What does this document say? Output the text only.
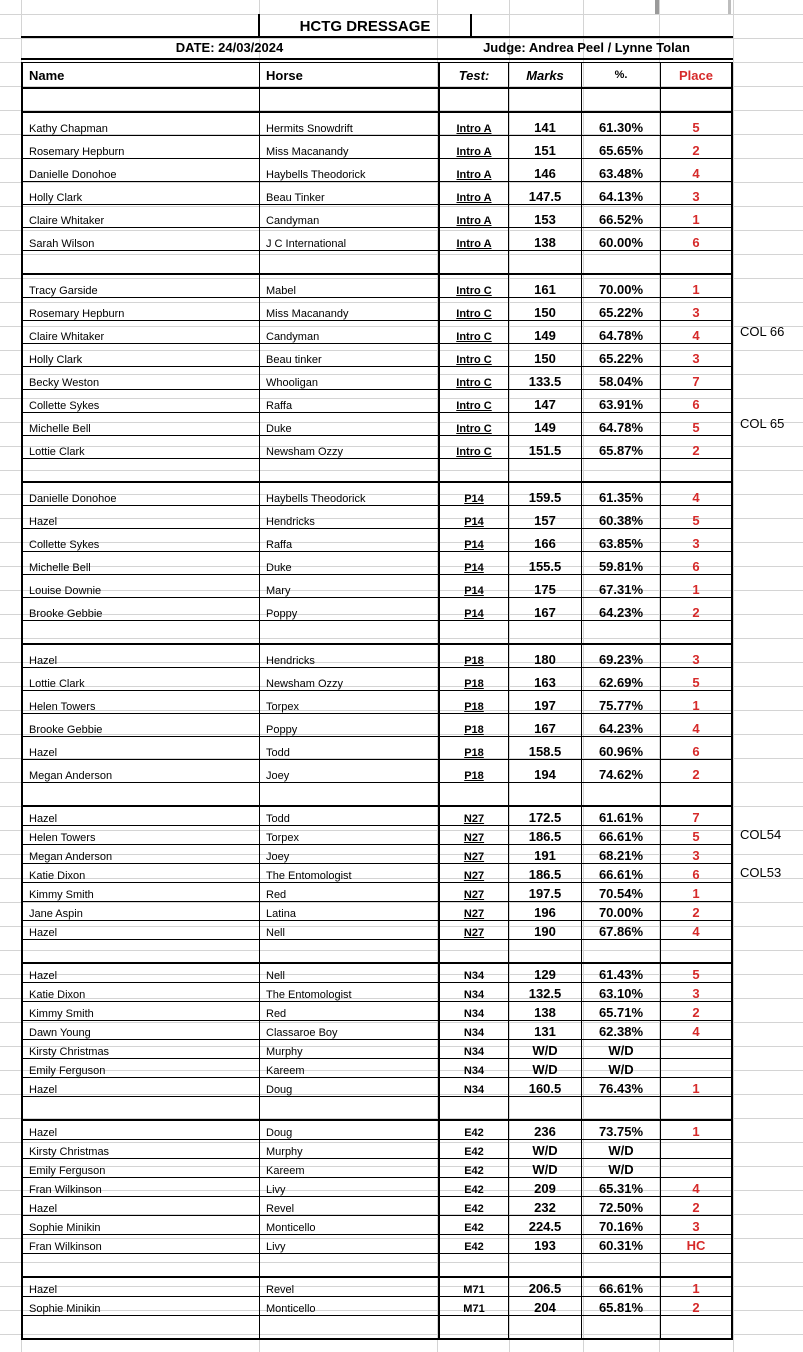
HCTG DRESSAGE
DATE: 24/03/2024	Judge: Andrea Peel / Lynne Tolan
Name	Horse	Test:	Marks	%.	Place

Kathy Chapman	Hermits Snowdrift	Intro A	141	61.30%	5
Rosemary Hepburn	Miss Macanandy	Intro A	151	65.65%	2
Danielle Donohoe	Haybells Theodorick	Intro A	146	63.48%	4
Holly Clark	Beau Tinker	Intro A	147.5	64.13%	3
Claire Whitaker	Candyman	Intro A	153	66.52%	1
Sarah Wilson	J C International	Intro A	138	60.00%	6

Tracy Garside	Mabel	Intro C	161	70.00%	1
Rosemary Hepburn	Miss Macanandy	Intro C	150	65.22%	3
Claire Whitaker	Candyman	Intro C	149	64.78%	4
Holly Clark	Beau tinker	Intro C	150	65.22%	3
Becky Weston	Whooligan	Intro C	133.5	58.04%	7
Collette Sykes	Raffa	Intro C	147	63.91%	6
Michelle Bell	Duke	Intro C	149	64.78%	5
Lottie Clark	Newsham Ozzy	Intro C	151.5	65.87%	2

Danielle Donohoe	Haybells Theodorick	P14	159.5	61.35%	4
Hazel	Hendricks	P14	157	60.38%	5
Collette Sykes	Raffa	P14	166	63.85%	3
Michelle Bell	Duke	P14	155.5	59.81%	6
Louise Downie	Mary	P14	175	67.31%	1
Brooke Gebbie	Poppy	P14	167	64.23%	2

Hazel	Hendricks	P18	180	69.23%	3
Lottie Clark	Newsham Ozzy	P18	163	62.69%	5
Helen Towers	Torpex	P18	197	75.77%	1
Brooke Gebbie	Poppy	P18	167	64.23%	4
Hazel	Todd	P18	158.5	60.96%	6
Megan Anderson	Joey	P18	194	74.62%	2

Hazel	Todd	N27	172.5	61.61%	7
Helen Towers	Torpex	N27	186.5	66.61%	5
Megan Anderson	Joey	N27	191	68.21%	3
Katie Dixon	The Entomologist	N27	186.5	66.61%	6
Kimmy Smith	Red	N27	197.5	70.54%	1
Jane Aspin	Latina	N27	196	70.00%	2
Hazel	Nell	N27	190	67.86%	4

Hazel	Nell	N34	129	61.43%	5
Katie Dixon	The Entomologist	N34	132.5	63.10%	3
Kimmy Smith	Red	N34	138	65.71%	2
Dawn Young	Classaroe Boy	N34	131	62.38%	4
Kirsty Christmas	Murphy	N34	W/D	W/D	
Emily Ferguson	Kareem	N34	W/D	W/D	
Hazel	Doug	N34	160.5	76.43%	1

Hazel	Doug	E42	236	73.75%	1
Kirsty Christmas	Murphy	E42	W/D	W/D	
Emily Ferguson	Kareem	E42	W/D	W/D	
Fran Wilkinson	Livy	E42	209	65.31%	4
Hazel	Revel	E42	232	72.50%	2
Sophie Minikin	Monticello	E42	224.5	70.16%	3
Fran Wilkinson	Livy	E42	193	60.31%	HC

Hazel	Revel	M71	206.5	66.61%	1
Sophie Minikin	Monticello	M71	204	65.81%	2

COL 66
COL 65
COL54
COL53
